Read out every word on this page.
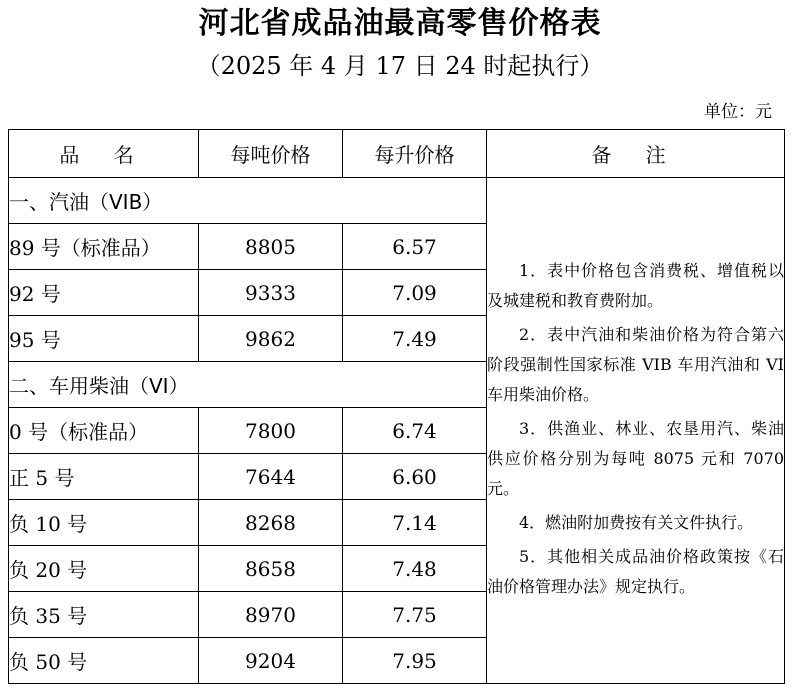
河北省成品油最高零售价格表
（2025 年 4 月 17 日 24 时起执行）
单位：元
品 名	每吨价格	每升价格	备 注
一、汽油（VIB）			1．表中价格包含消费税、增值税以及城建税和教育费附加。

2．表中汽油和柴油价格为符合第六阶段强制性国家标准 VIB 车用汽油和 VI 车用柴油价格。

3．供渔业、林业、农垦用汽、柴油供应价格分别为每吨 8075 元和 7070 元。

4．燃油附加费按有关文件执行。

5．其他相关成品油价格政策按《石油价格管理办法》规定执行。

89 号（标准品）	8805	6.57	
92 号	9333	7.09	
95 号	9862	7.49	
二、车用柴油（VI）			
0 号（标准品）	7800	6.74	
正 5 号	7644	6.60	
负 10 号	8268	7.14	
负 20 号	8658	7.48	
负 35 号	8970	7.75	
负 50 号	9204	7.95	
